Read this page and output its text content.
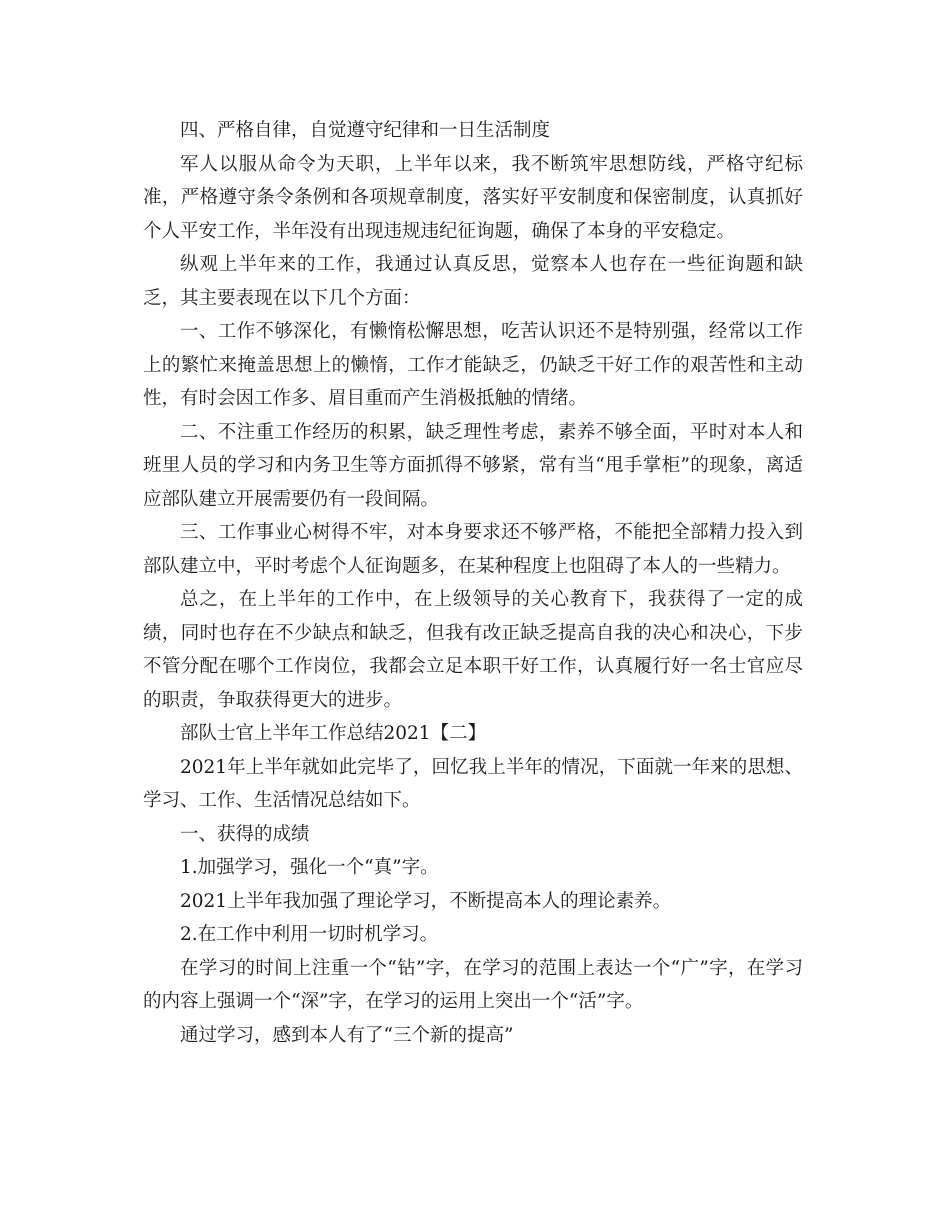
四、严格自律，自觉遵守纪律和一日生活制度

军人以服从命令为天职，上半年以来，我不断筑牢思想防线，严格守纪标准，严格遵守条令条例和各项规章制度，落实好平安制度和保密制度，认真抓好个人平安工作，半年没有出现违规违纪征询题，确保了本身的平安稳定。

纵观上半年来的工作，我通过认真反思，觉察本人也存在一些征询题和缺乏，其主要表现在以下几个方面：

一、工作不够深化，有懒惰松懈思想，吃苦认识还不是特别强，经常以工作上的繁忙来掩盖思想上的懒惰，工作才能缺乏，仍缺乏干好工作的艰苦性和主动性，有时会因工作多、眉目重而产生消极抵触的情绪。

二、不注重工作经历的积累，缺乏理性考虑，素养不够全面，平时对本人和班里人员的学习和内务卫生等方面抓得不够紧，常有当“甩手掌柜”的现象，离适应部队建立开展需要仍有一段间隔。

三、工作事业心树得不牢，对本身要求还不够严格，不能把全部精力投入到部队建立中，平时考虑个人征询题多，在某种程度上也阻碍了本人的一些精力。

总之，在上半年的工作中，在上级领导的关心教育下，我获得了一定的成绩，同时也存在不少缺点和缺乏，但我有改正缺乏提高自我的决心和决心，下步不管分配在哪个工作岗位，我都会立足本职干好工作，认真履行好一名士官应尽的职责，争取获得更大的进步。

部队士官上半年工作总结2021【二】

2021年上半年就如此完毕了，回忆我上半年的情况，下面就一年来的思想、学习、工作、生活情况总结如下。

一、获得的成绩

1.加强学习，强化一个“真”字。

2021上半年我加强了理论学习，不断提高本人的理论素养。

2.在工作中利用一切时机学习。

在学习的时间上注重一个“钻”字，在学习的范围上表达一个“广”字，在学习的内容上强调一个“深”字，在学习的运用上突出一个“活”字。

通过学习，感到本人有了“三个新的提高”
